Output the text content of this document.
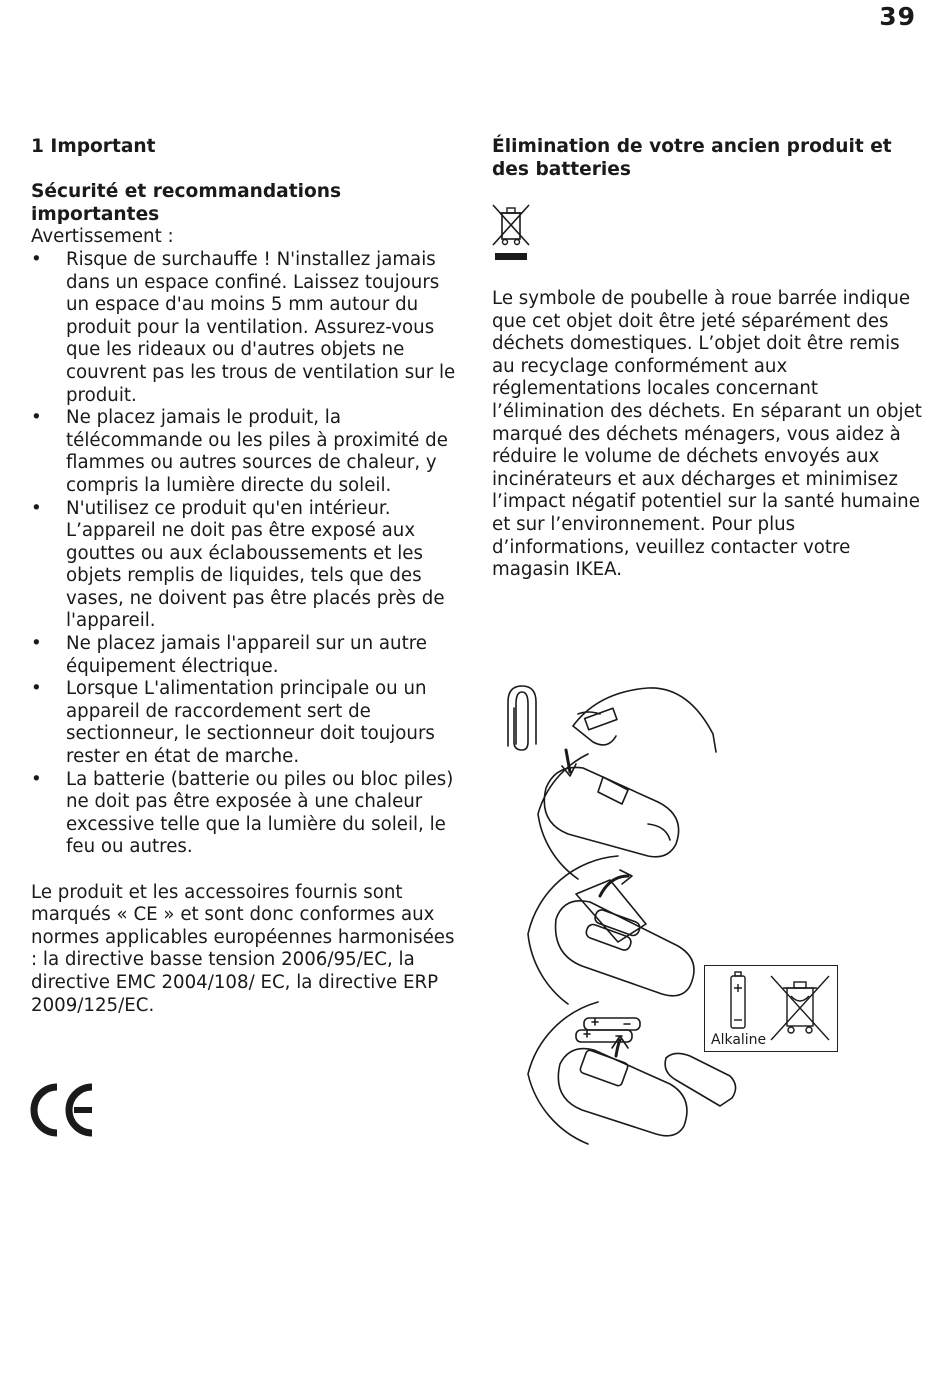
39
1 Important
Sécurité et recommandations importantes

Avertissement :

• Risque de surchauffe ! N'installez jamais dans un espace confiné. Laissez toujours un espace d'au moins 5 mm autour du produit pour la ventilation. Assurez-vous que les rideaux ou d'autres objets ne couvrent pas les trous de ventilation sur le produit.
• Ne placez jamais le produit, la télécommande ou les piles à proximité de flammes ou autres sources de chaleur, y compris la lumière directe du soleil.
• N'utilisez ce produit qu'en intérieur. L’appareil ne doit pas être exposé aux gouttes ou aux éclaboussements et les objets remplis de liquides, tels que des vases, ne doivent pas être placés près de l'appareil.
• Ne placez jamais l'appareil sur un autre équipement électrique.
• Lorsque L'alimentation principale ou un appareil de raccordement sert de sectionneur, le sectionneur doit toujours rester en état de marche.
• La batterie (batterie ou piles ou bloc piles) ne doit pas être exposée à une chaleur excessive telle que la lumière du soleil, le feu ou autres.

Le produit et les accessoires fournis sont marqués « CE » et sont donc conformes aux normes applicables européennes harmonisées : la directive basse tension 2006/95/EC, la directive EMC 2004/108/ EC, la directive ERP 2009/125/EC.

Élimination de votre ancien produit et des batteries

Le symbole de poubelle à roue barrée indique que cet objet doit être jeté séparément des déchets domestiques. L’objet doit être remis au recyclage conformément aux réglementations locales concernant l’élimination des déchets. En séparant un objet marqué des déchets ménagers, vous aidez à réduire le volume de déchets envoyés aux incinérateurs et aux décharges et minimisez l’impact négatif potentiel sur la santé humaine et sur l’environnement. Pour plus d’informations, veuillez contacter votre magasin IKEA.

Alkaline
